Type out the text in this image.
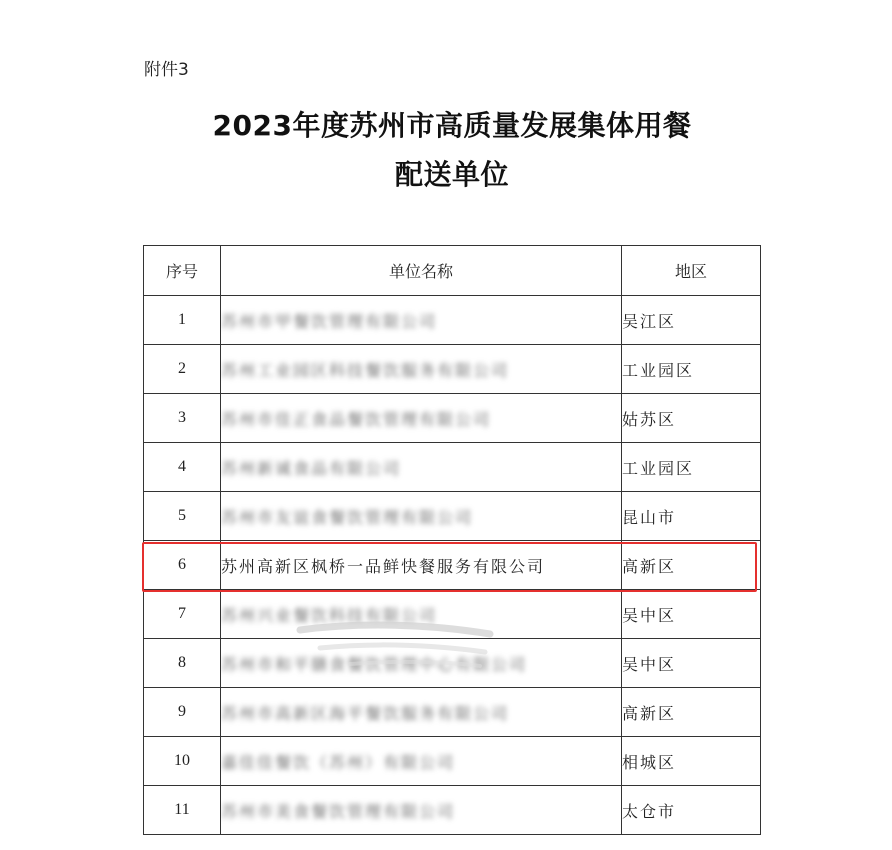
附件3
2023年度苏州市高质量发展集体用餐
配送单位
序号	单位名称	地区
1	苏州市甲餐饮管理有限公司	吴江区
2	苏州工业园区科技餐饮服务有限公司	工业园区
3	苏州市佳正食品餐饮管理有限公司	姑苏区
4	苏州新诚食品有限公司	工业园区
5	苏州市友谊食餐饮管理有限公司	昆山市
6	苏州高新区枫桥一品鲜快餐服务有限公司	高新区
7	苏州兴业餐饮科技有限公司	吴中区
8	苏州市和平膳食餐饮管理中心有限公司	吴中区
9	苏州市高新区海平餐饮服务有限公司	高新区
10	嘉佳佳餐饮（苏州）有限公司	相城区
11	苏州市美食餐饮管理有限公司	太仓市
